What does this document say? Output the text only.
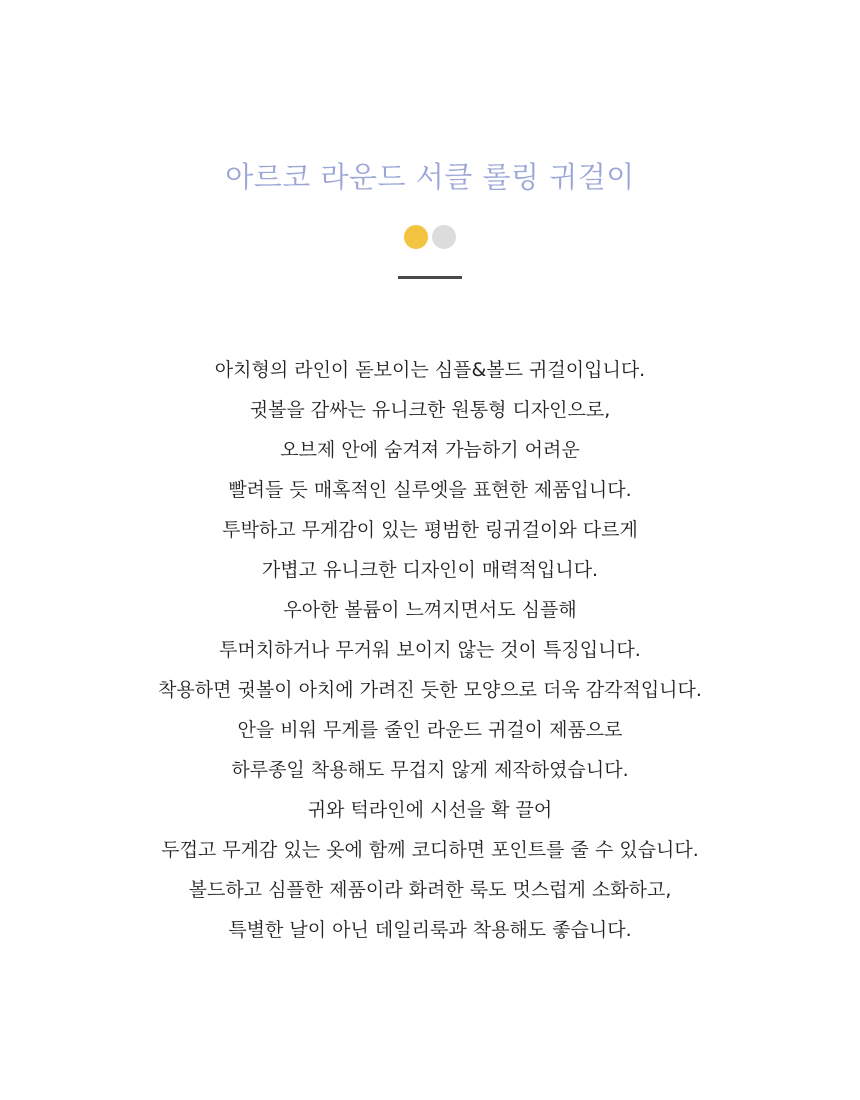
아르코 라운드 서클 롤링 귀걸이
아치형의 라인이 돋보이는 심플&볼드 귀걸이입니다.
귓볼을 감싸는 유니크한 원통형 디자인으로,
오브제 안에 숨겨져 가늠하기 어려운
빨려들 듯 매혹적인 실루엣을 표현한 제품입니다.
투박하고 무게감이 있는 평범한 링귀걸이와 다르게
가볍고 유니크한 디자인이 매력적입니다.
우아한 볼륨이 느껴지면서도 심플해
투머치하거나 무거워 보이지 않는 것이 특징입니다.
착용하면 귓볼이 아치에 가려진 듯한 모양으로 더욱 감각적입니다.
안을 비워 무게를 줄인 라운드 귀걸이 제품으로
하루종일 착용해도 무겁지 않게 제작하였습니다.
귀와 턱라인에 시선을 확 끌어
두껍고 무게감 있는 옷에 함께 코디하면 포인트를 줄 수 있습니다.
볼드하고 심플한 제품이라 화려한 룩도 멋스럽게 소화하고,
특별한 날이 아닌 데일리룩과 착용해도 좋습니다.
